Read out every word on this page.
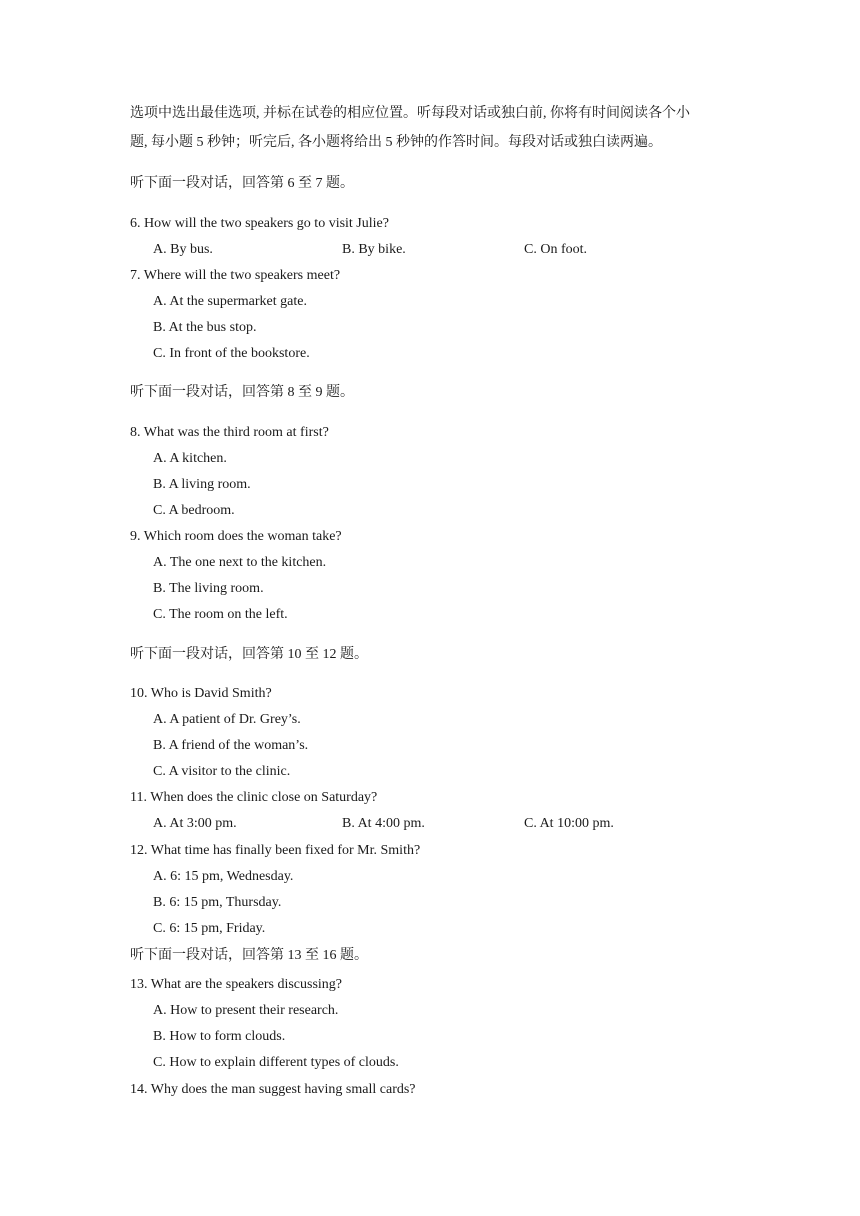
选项中选出最佳选项, 并标在试卷的相应位置。听每段对话或独白前, 你将有时间阅读各个小
题, 每小题 5 秒钟；听完后, 各小题将给出 5 秒钟的作答时间。每段对话或独白读两遍。
听下面一段对话，回答第 6 至 7 题。
6. How will the two speakers go to visit Julie?
A. By bus.	B. By bike.	C. On foot.
7. Where will the two speakers meet?
A. At the supermarket gate.
B. At the bus stop.
C. In front of the bookstore.
听下面一段对话，回答第 8 至 9 题。
8. What was the third room at first?
A. A kitchen.
B. A living room.
C. A bedroom.
9. Which room does the woman take?
A. The one next to the kitchen.
B. The living room.
C. The room on the left.
听下面一段对话，回答第 10 至 12 题。
10. Who is David Smith?
A. A patient of Dr. Grey’s.
B. A friend of the woman’s.
C. A visitor to the clinic.
11. When does the clinic close on Saturday?
A. At 3:00 pm.	B. At 4:00 pm.	C. At 10:00 pm.
12. What time has finally been fixed for Mr. Smith?
A. 6: 15 pm, Wednesday.
B. 6: 15 pm, Thursday.
C. 6: 15 pm, Friday.
听下面一段对话，回答第 13 至 16 题。
13. What are the speakers discussing?
A. How to present their research.
B. How to form clouds.
C. How to explain different types of clouds.
14. Why does the man suggest having small cards?
